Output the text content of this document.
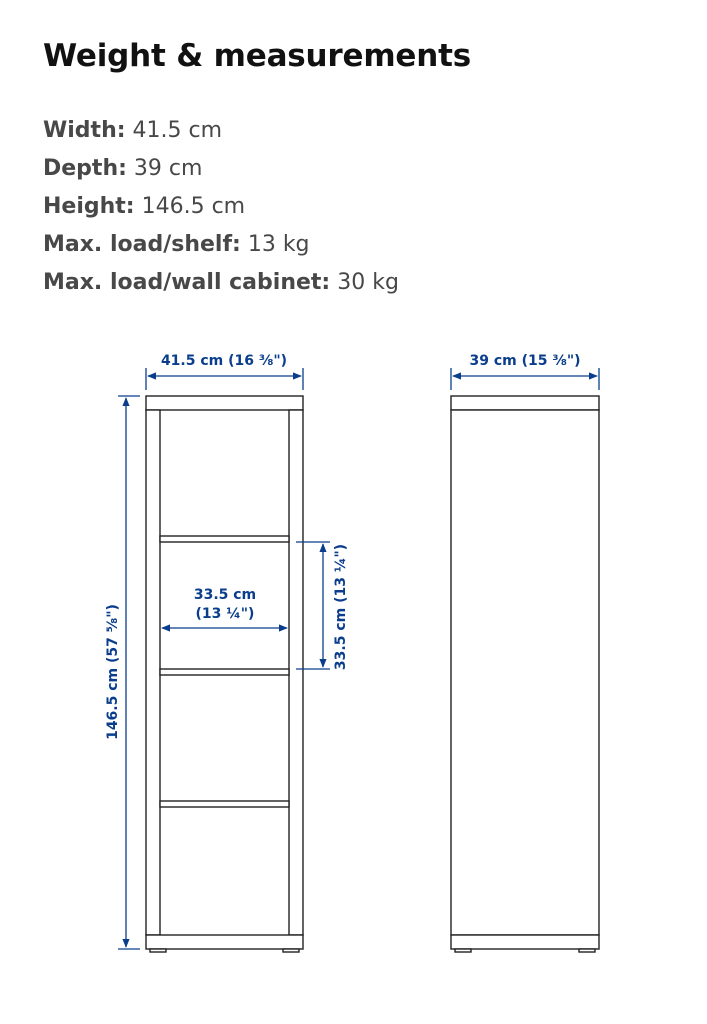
Weight & measurements
Width: 41.5 cm
Depth: 39 cm
Height: 146.5 cm
Max. load/shelf: 13 kg
Max. load/wall cabinet: 30 kg
41.5 cm (16 ⅜")	39 cm (15 ⅜")
146.5 cm (57 ⅝")	33.5 cm (13 ¼")
33.5 cm
(13 ¼")
